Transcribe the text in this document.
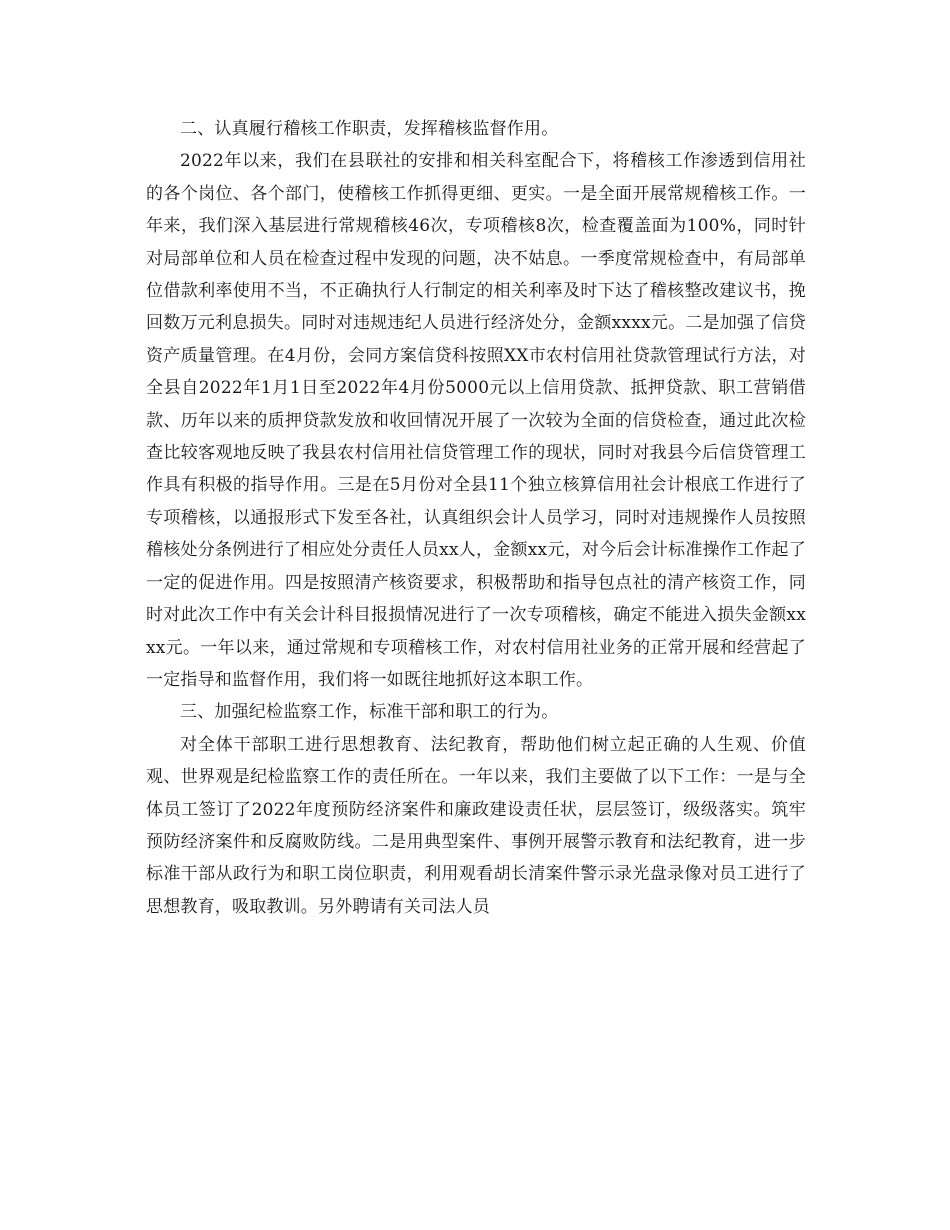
二、认真履行稽核工作职责，发挥稽核监督作用。

2022年以来，我们在县联社的安排和相关科室配合下，将稽核工作渗透到信用社的各个岗位、各个部门，使稽核工作抓得更细、更实。一是全面开展常规稽核工作。一年来，我们深入基层进行常规稽核46次，专项稽核8次，检查覆盖面为100%，同时针对局部单位和人员在检查过程中发现的问题，决不姑息。一季度常规检查中，有局部单位借款利率使用不当，不正确执行人行制定的相关利率及时下达了稽核整改建议书，挽回数万元利息损失。同时对违规违纪人员进行经济处分，金额xxxx元。二是加强了信贷资产质量管理。在4月份，会同方案信贷科按照XX市农村信用社贷款管理试行方法，对全县自2022年1月1日至2022年4月份5000元以上信用贷款、抵押贷款、职工营销借款、历年以来的质押贷款发放和收回情况开展了一次较为全面的信贷检查，通过此次检查比较客观地反映了我县农村信用社信贷管理工作的现状，同时对我县今后信贷管理工作具有积极的指导作用。三是在5月份对全县11个独立核算信用社会计根底工作进行了专项稽核，以通报形式下发至各社，认真组织会计人员学习，同时对违规操作人员按照稽核处分条例进行了相应处分责任人员xx人，金额xx元，对今后会计标准操作工作起了一定的促进作用。四是按照清产核资要求，积极帮助和指导包点社的清产核资工作，同时对此次工作中有关会计科目报损情况进行了一次专项稽核，确定不能进入损失金额xxxx元。一年以来，通过常规和专项稽核工作，对农村信用社业务的正常开展和经营起了一定指导和监督作用，我们将一如既往地抓好这本职工作。

三、加强纪检监察工作，标准干部和职工的行为。

对全体干部职工进行思想教育、法纪教育，帮助他们树立起正确的人生观、价值观、世界观是纪检监察工作的责任所在。一年以来，我们主要做了以下工作：一是与全体员工签订了2022年度预防经济案件和廉政建设责任状，层层签订，级级落实。筑牢预防经济案件和反腐败防线。二是用典型案件、事例开展警示教育和法纪教育，进一步标准干部从政行为和职工岗位职责，利用观看胡长清案件警示录光盘录像对员工进行了思想教育，吸取教训。另外聘请有关司法人员
